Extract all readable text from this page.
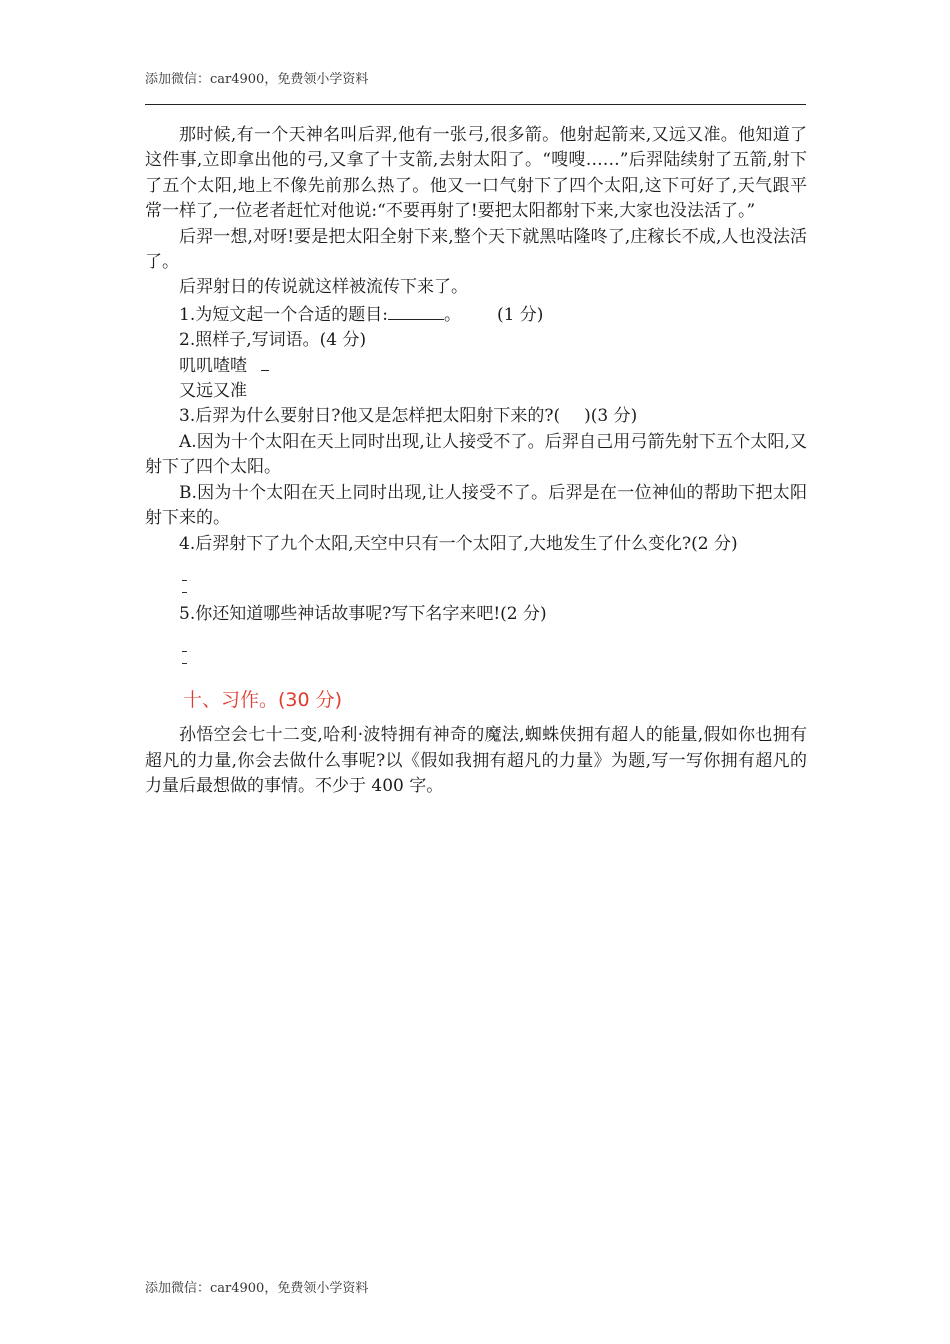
添加微信：car4900，免费领小学资料

那时候,有一个天神名叫后羿,他有一张弓,很多箭。他射起箭来,又远又准。他知道了这件事,立即拿出他的弓,又拿了十支箭,去射太阳了。“嗖嗖……”后羿陆续射了五箭,射下了五个太阳,地上不像先前那么热了。他又一口气射下了四个太阳,这下可好了,天气跟平常一样了,一位老者赶忙对他说:“不要再射了!要把太阳都射下来,大家也没法活了。”

后羿一想,对呀!要是把太阳全射下来,整个天下就黑咕隆咚了,庄稼长不成,人也没法活了。

后羿射日的传说就这样被流传下来了。

1.为短文起一个合适的题目:	。 (1 分)

2.照样子,写词语。(4 分)

叽叽喳喳

又远又准

3.后羿为什么要射日?他又是怎样把太阳射下来的?( )(3 分)

A.因为十个太阳在天上同时出现,让人接受不了。后羿自己用弓箭先射下五个太阳,又射下了四个太阳。

B.因为十个太阳在天上同时出现,让人接受不了。后羿是在一位神仙的帮助下把太阳射下来的。

4.后羿射下了九个太阳,天空中只有一个太阳了,大地发生了什么变化?(2 分)

5.你还知道哪些神话故事呢?写下名字来吧!(2 分)

十、习作。(30 分)

孙悟空会七十二变,哈利·波特拥有神奇的魔法,蜘蛛侠拥有超人的能量,假如你也拥有超凡的力量,你会去做什么事呢?以《假如我拥有超凡的力量》为题,写一写你拥有超凡的力量后最想做的事情。不少于 400 字。

添加微信：car4900，免费领小学资料
